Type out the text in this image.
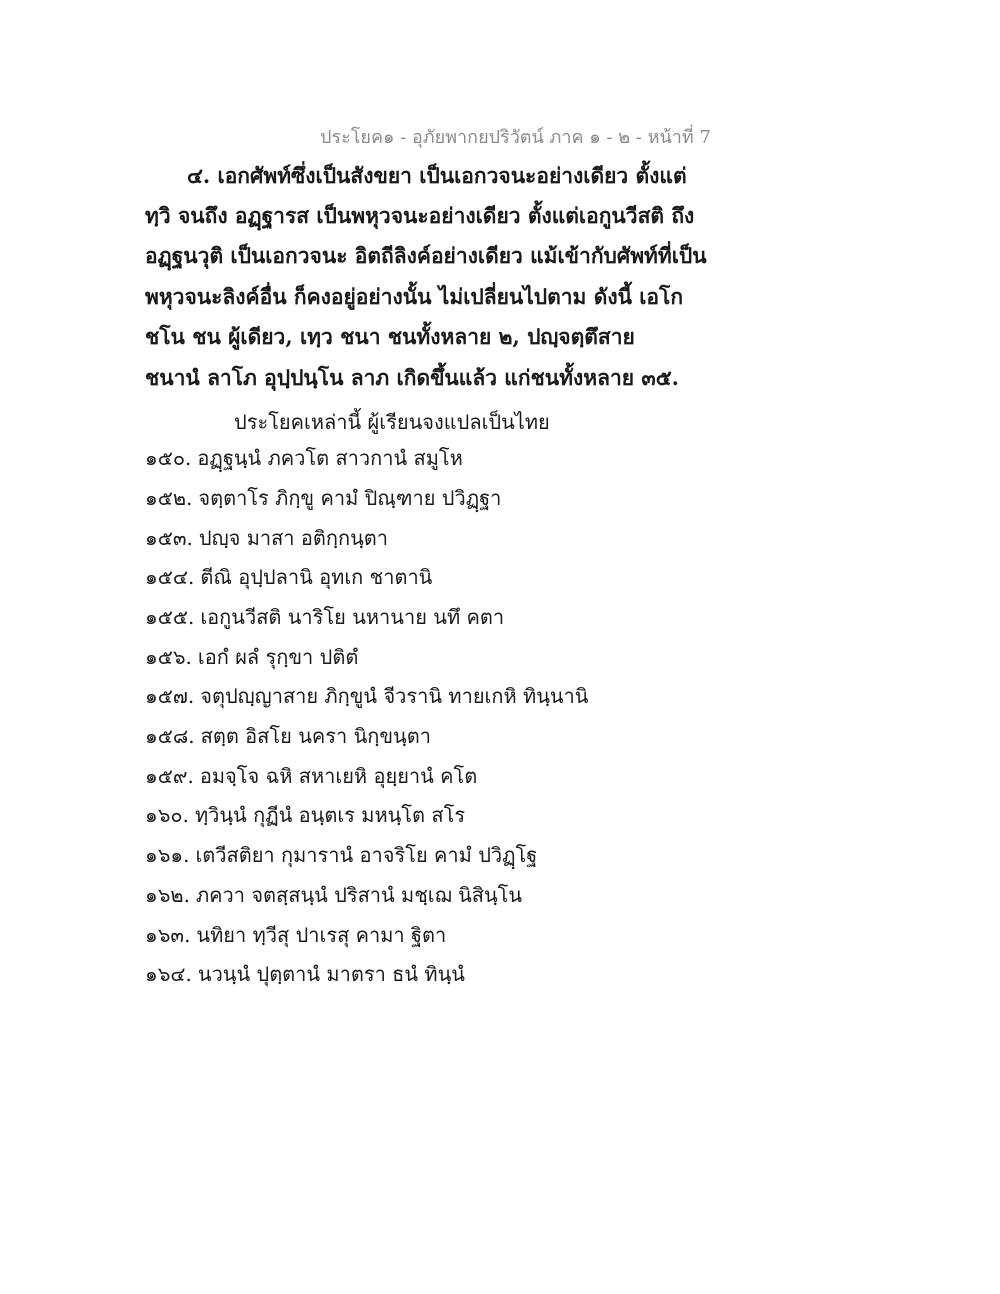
ประโยค๑ - อุภัยพากยปริวัตน์ ภาค ๑ - ๒ - หน้าที่ 7
๔. เอกศัพท์ซึ่งเป็นสังขยา เป็นเอกวจนะอย่างเดียว ตั้งแต่
ทฺวิ จนถึง อฏฺฐารส เป็นพหุวจนะอย่างเดียว ตั้งแต่เอกูนวีสติ ถึง
อฏฺฐนวุติ เป็นเอกวจนะ อิตถีลิงค์อย่างเดียว แม้เข้ากับศัพท์ที่เป็น
พหุวจนะลิงค์อื่น ก็คงอยู่อย่างนั้น ไม่เปลี่ยนไปตาม ดังนี้ เอโก
ชโน ชน ผู้เดียว, เทฺว ชนา ชนทั้งหลาย ๒, ปญฺจตฺตึสาย
ชนานํ ลาโภ อุปฺปนฺโน ลาภ เกิดขึ้นแล้ว แก่ชนทั้งหลาย ๓๕.
ประโยคเหล่านี้ ผู้เรียนจงแปลเป็นไทย
๑๕๐. อฏฺฐนฺนํ ภควโต สาวกานํ สมูโห
๑๕๒. จตฺตาโร ภิกฺขู คามํ ปิณฺฑาย ปวิฏฺฐา
๑๕๓. ปญฺจ มาสา อติกฺกนฺตา
๑๕๔. ตีณิ อุปฺปลานิ อุทเก ชาตานิ
๑๕๕. เอกูนวีสติ นาริโย นหานาย นทึ คตา
๑๕๖. เอกํ ผลํ รุกฺขา ปติตํ
๑๕๗. จตุปญฺญาสาย ภิกฺขูนํ จีวรานิ ทายเกหิ ทินฺนานิ
๑๕๘. สตฺต อิสโย นครา นิกฺขนฺตา
๑๕๙. อมจฺโจ ฉหิ สหาเยหิ อุยฺยานํ คโต
๑๖๐. ทฺวินฺนํ กุฏีนํ อนฺตเร มหนฺโต สโร
๑๖๑. เตวีสติยา กุมารานํ อาจริโย คามํ ปวิฏฺโฐ
๑๖๒. ภควา จตสฺสนฺนํ ปริสานํ มชฺเฌ นิสินฺโน
๑๖๓. นทิยา ทฺวีสุ ปาเรสุ คามา ฐิตา
๑๖๔. นวนฺนํ ปุตฺตานํ มาตรา ธนํ ทินฺนํ
